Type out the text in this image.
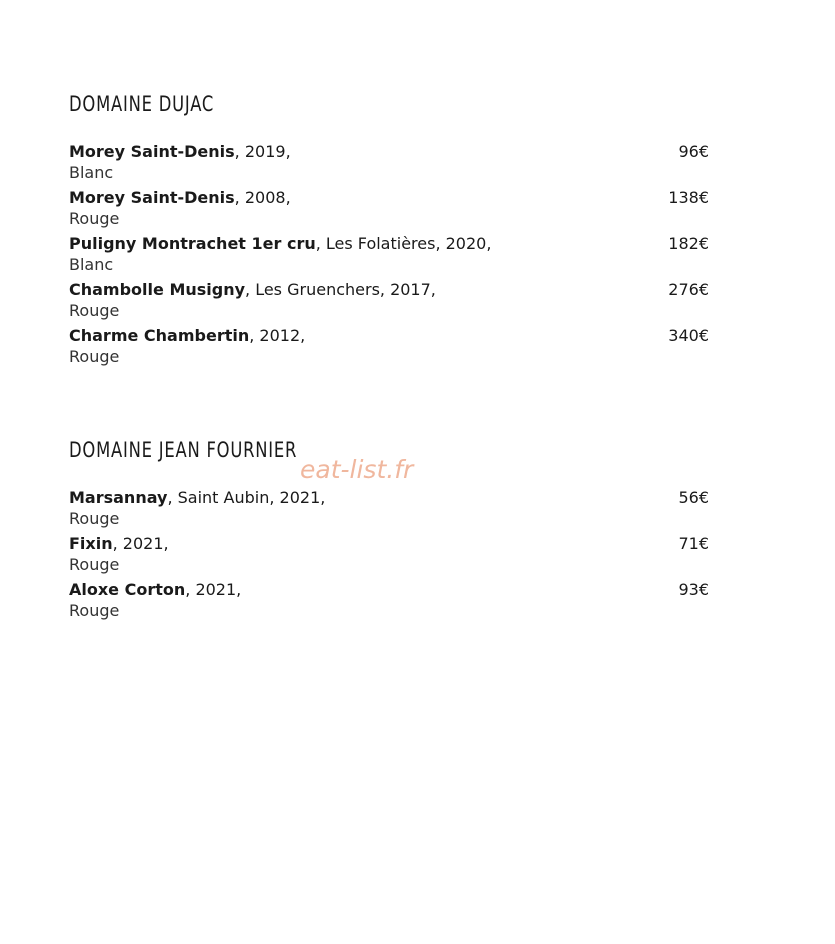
DOMAINE DUJAC
Morey Saint-Denis, 2019,
Blanc
96€
Morey Saint-Denis, 2008,
Rouge
138€
Puligny Montrachet 1er cru, Les Folatières, 2020,
Blanc
182€
Chambolle Musigny, Les Gruenchers, 2017,
Rouge
276€
Charme Chambertin, 2012,
Rouge
340€
DOMAINE JEAN FOURNIER
Marsannay, Saint Aubin, 2021,
Rouge
56€
Fixin, 2021,
Rouge
71€
Aloxe Corton, 2021,
Rouge
93€
eat-list.fr
